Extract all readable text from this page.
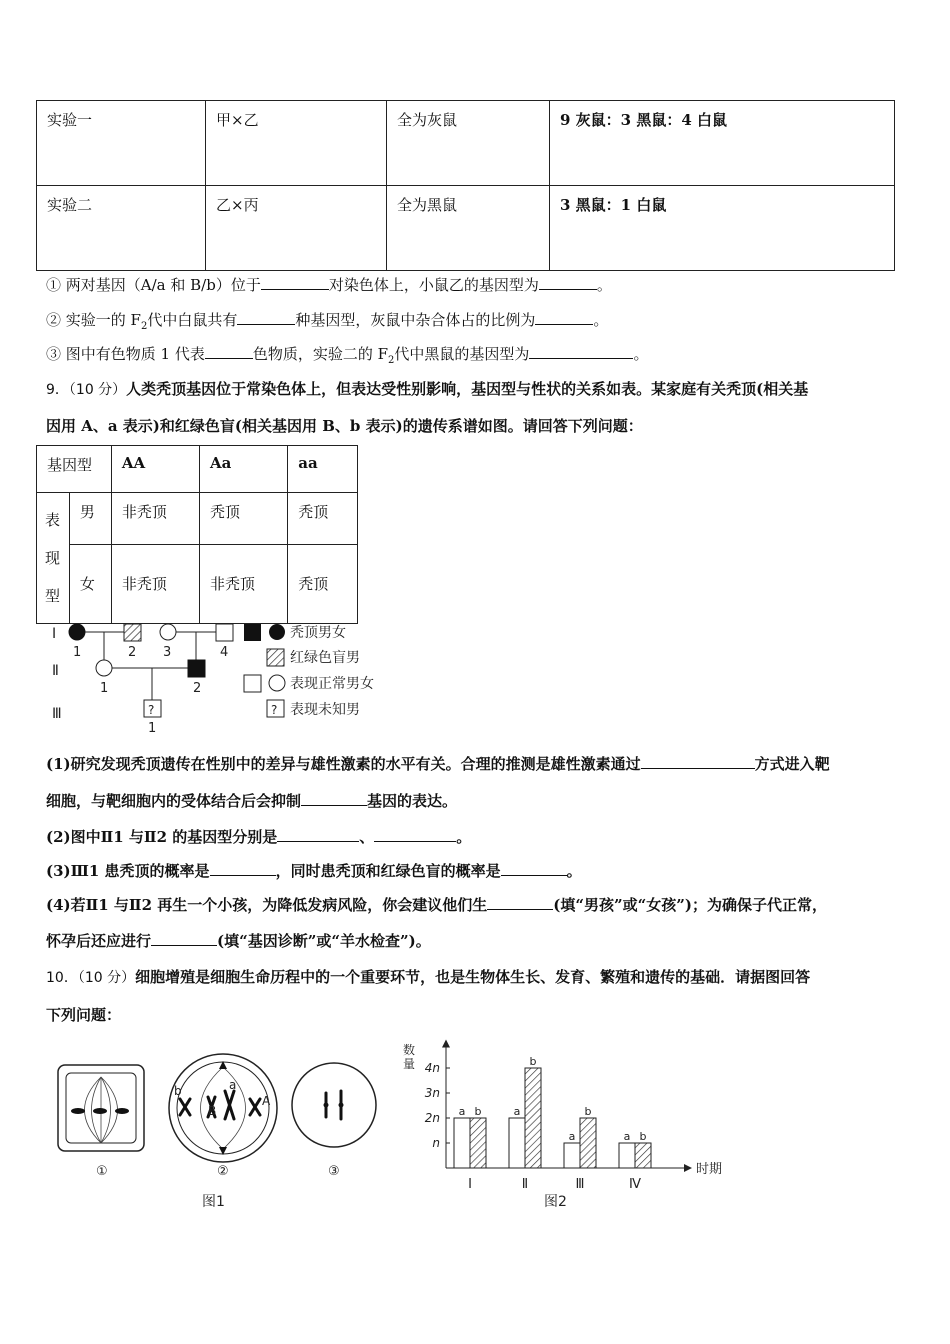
实验一	甲×乙	全为灰鼠	9 灰鼠：3 黑鼠：4 白鼠
实验二	乙×丙	全为黑鼠	3 黑鼠：1 白鼠
① 两对基因（A/a 和 B/b）位于	对染色体上，小鼠乙的基因型为	。
② 实验一的 $F_2$代中白鼠共有	种基因型，灰鼠中杂合体占的比例为	。
③ 图中有色物质 1 代表	色物质，实验二的 $F_2$代中黑鼠的基因型为	。
9．（10 分）人类秃顶基因位于常染色体上，但表达受性别影响，基因型与性状的关系如表。某家庭有关秃顶(相关基
因用 A、a 表示)和红绿色盲(相关基因用 B、b 表示)的遗传系谱如图。请回答下列问题：
基因型		AA	Aa	aa
表
现
型	男	非秃顶	秃顶	秃顶
	女	非秃顶	非秃顶	秃顶
Ⅰ
Ⅱ
Ⅲ
1	2 3	4
1	2
?
1
秃顶男女
红绿色盲男
表现正常男女
? 表现未知男
(1)研究发现秃顶遗传在性别中的差异与雄性激素的水平有关。合理的推测是雄性激素通过	方式进入靶
细胞，与靶细胞内的受体结合后会抑制	基因的表达。
(2)图中Ⅱ1 与Ⅱ2 的基因型分别是	、	。
(3)Ⅲ1 患秃顶的概率是	，同时患秃顶和红绿色盲的概率是	。
(4)若Ⅱ1 与Ⅱ2 再生一个小孩，为降低发病风险，你会建议他们生	(填“男孩”或“女孩”)；为确保子代正常，
怀孕后还应进行	(填“基因诊断”或“羊水检查”)。
10．（10 分）细胞增殖是细胞生命历程中的一个重要环节，也是生物体生长、发育、繁殖和遗传的基础．请据图回答
下列问题：
①
b
B
a
A
②	③
图1
数
量
时期
n
2n
3n
4n
a b
Ⅰ
a
b
Ⅱ
a
b
Ⅲ
a b
Ⅳ
图2
